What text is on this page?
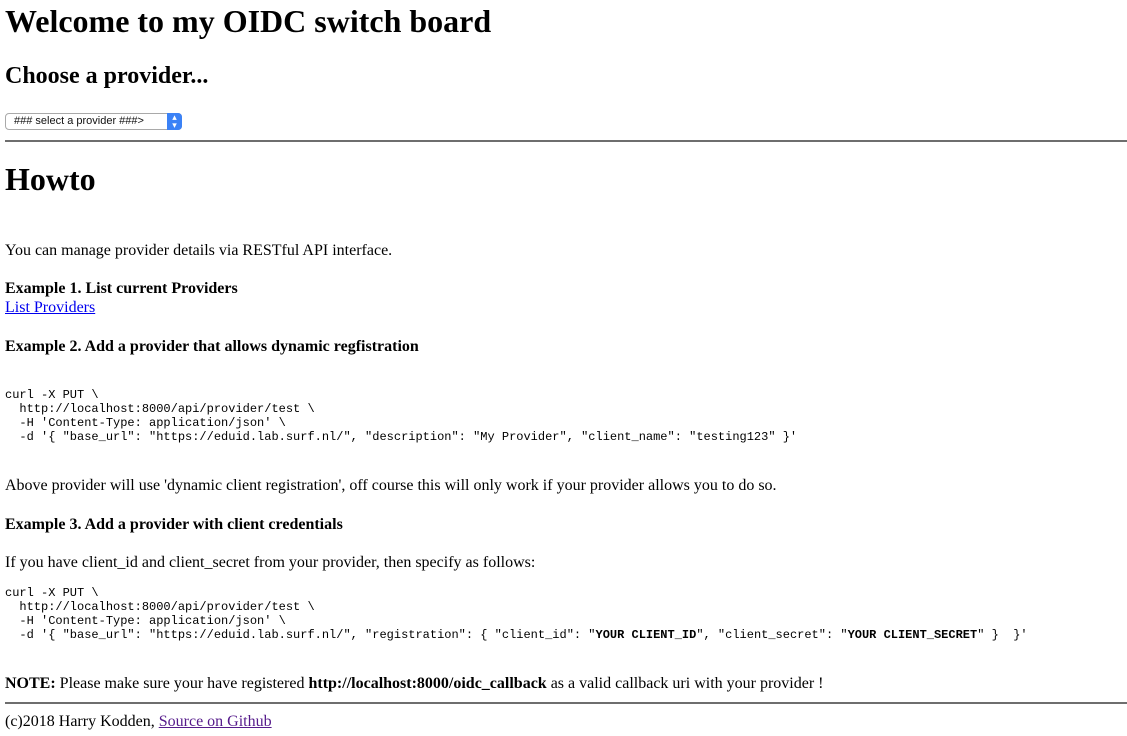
Welcome to my OIDC switch board
Choose a provider...
### select a provider ###>	▴
▾
Howto
You can manage provider details via RESTful API interface.
Example 1. List current Providers
List Providers
Example 2. Add a provider that allows dynamic regfistration
curl -X PUT \
http://localhost:8000/api/provider/test \
-H 'Content-Type: application/json' \
-d '{ "base_url": "https://eduid.lab.surf.nl/", "description": "My Provider", "client_name": "testing123" }'
Above provider will use 'dynamic client registration', off course this will only work if your provider allows you to do so.
Example 3. Add a provider with client credentials
If you have client_id and client_secret from your provider, then specify as follows:
curl -X PUT \
http://localhost:8000/api/provider/test \
-H 'Content-Type: application/json' \
-d '{ "base_url": "https://eduid.lab.surf.nl/", "registration": { "client_id": "YOUR CLIENT_ID", "client_secret": "YOUR CLIENT_SECRET" }  }'
NOTE: Please make sure your have registered http://localhost:8000/oidc_callback as a valid callback uri with your provider !
(c)2018 Harry Kodden, Source on Github
